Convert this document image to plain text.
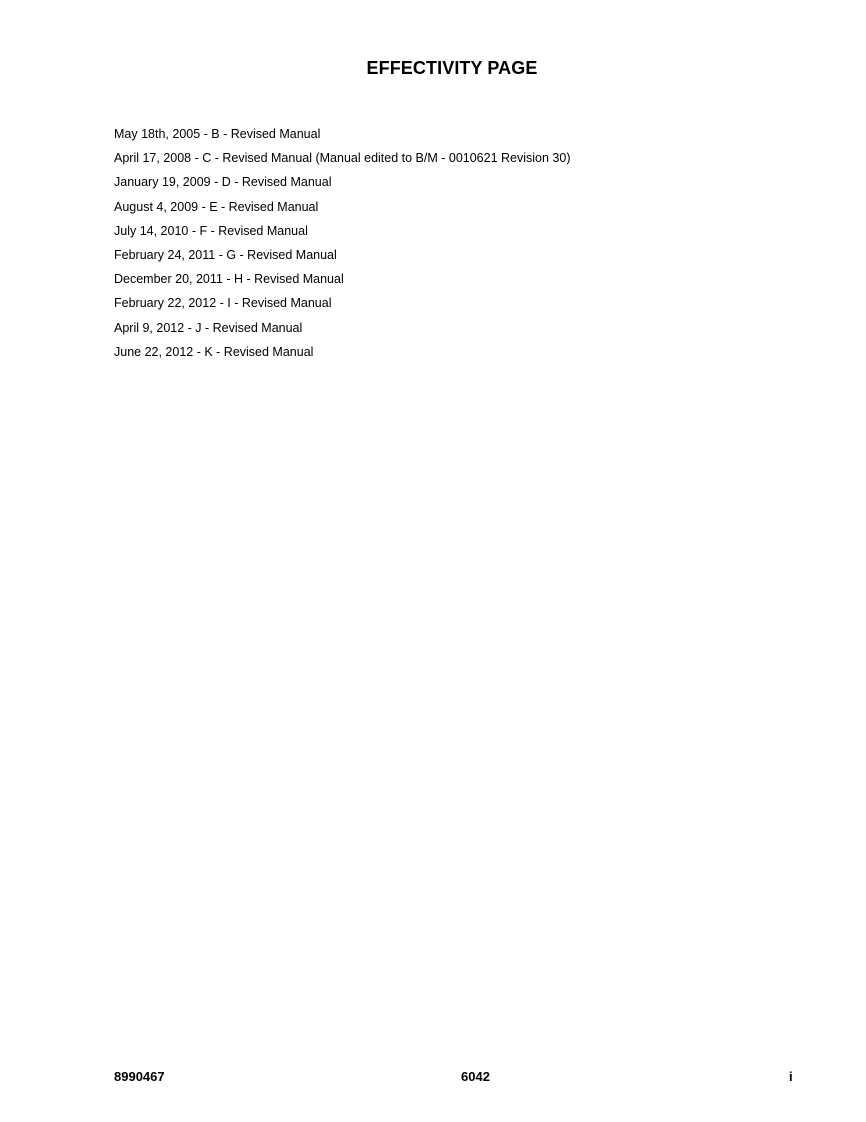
EFFECTIVITY PAGE
May 18th, 2005 - B - Revised Manual
April 17, 2008 - C - Revised Manual (Manual edited to B/M - 0010621 Revision 30)
January 19, 2009 - D - Revised Manual
August 4, 2009 - E - Revised Manual
July 14, 2010 - F - Revised Manual
February 24, 2011 - G - Revised Manual
December 20, 2011 - H - Revised Manual
February 22, 2012 - I - Revised Manual
April 9, 2012 - J - Revised Manual
June 22, 2012 - K - Revised Manual
8990467	6042	i
